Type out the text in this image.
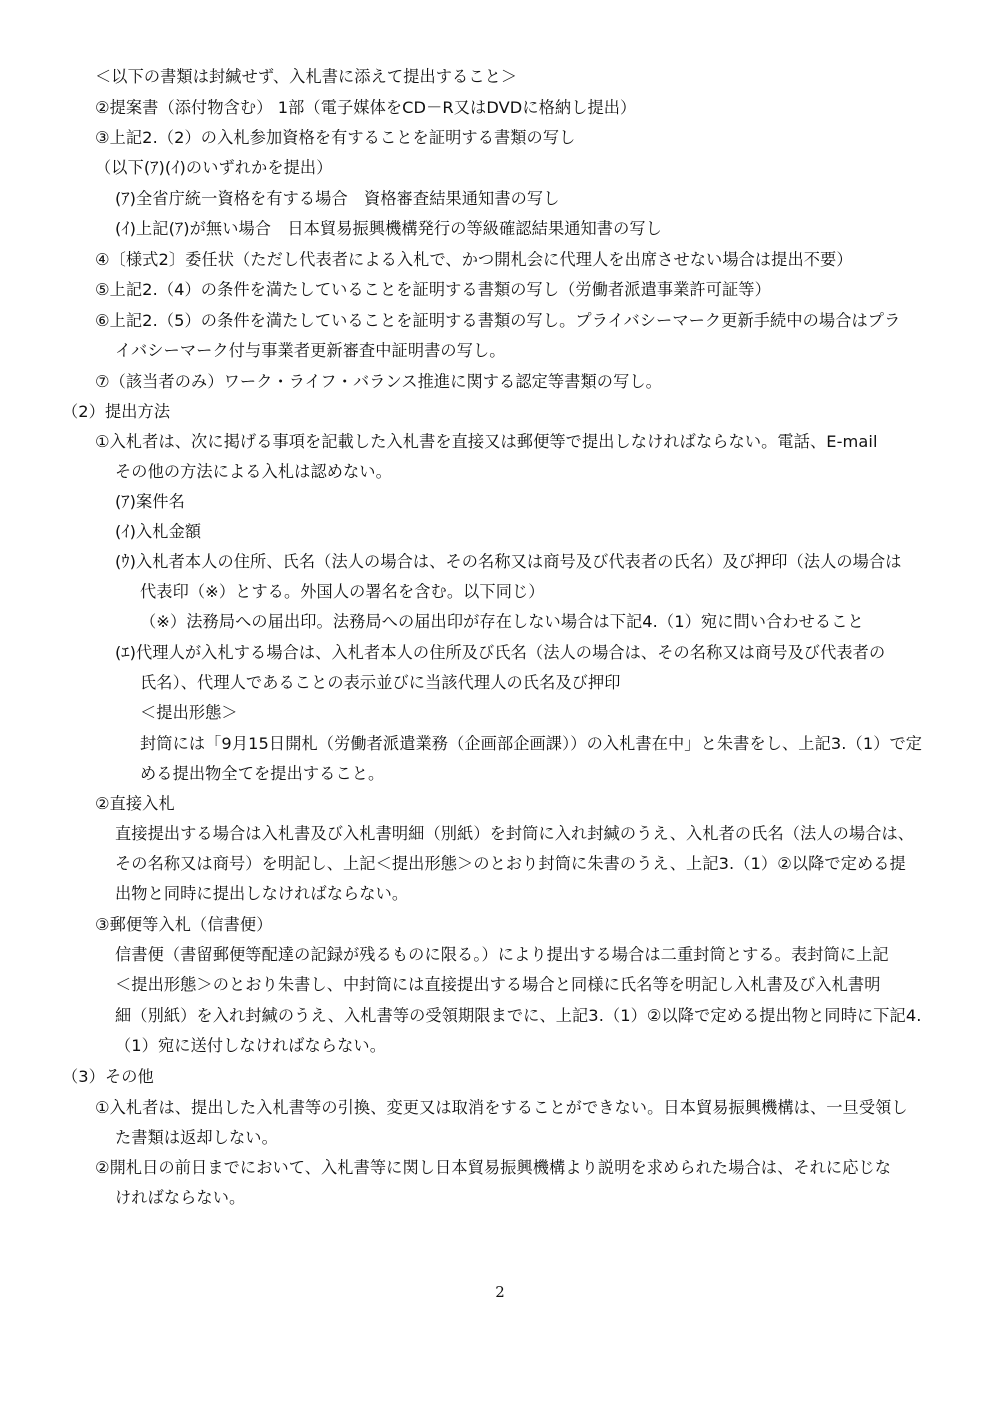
＜以下の書類は封緘せず、入札書に添えて提出すること＞
②提案書（添付物含む） 1部（電子媒体をCD－R又はDVDに格納し提出）
③上記2.（2）の入札参加資格を有することを証明する書類の写し
（以下(ｱ)(ｲ)のいずれかを提出）
(ｱ)全省庁統一資格を有する場合　資格審査結果通知書の写し
(ｲ)上記(ｱ)が無い場合　日本貿易振興機構発行の等級確認結果通知書の写し
④〔様式2〕委任状（ただし代表者による入札で、かつ開札会に代理人を出席させない場合は提出不要）
⑤上記2.（4）の条件を満たしていることを証明する書類の写し（労働者派遣事業許可証等）
⑥上記2.（5）の条件を満たしていることを証明する書類の写し。プライバシーマーク更新手続中の場合はプラ
イバシーマーク付与事業者更新審査中証明書の写し。
⑦（該当者のみ）ワーク・ライフ・バランス推進に関する認定等書類の写し。
（2）提出方法
①入札者は、次に掲げる事項を記載した入札書を直接又は郵便等で提出しなければならない。電話、E-mail
その他の方法による入札は認めない。
(ｱ)案件名
(ｲ)入札金額
(ｳ)入札者本人の住所、氏名（法人の場合は、その名称又は商号及び代表者の氏名）及び押印（法人の場合は
代表印（※）とする。外国人の署名を含む。以下同じ）
（※）法務局への届出印。法務局への届出印が存在しない場合は下記4.（1）宛に問い合わせること
(ｴ)代理人が入札する場合は、入札者本人の住所及び氏名（法人の場合は、その名称又は商号及び代表者の
氏名）、代理人であることの表示並びに当該代理人の氏名及び押印
＜提出形態＞
封筒には「9月15日開札（労働者派遣業務（企画部企画課））の入札書在中」と朱書をし、上記3.（1）で定
める提出物全てを提出すること。
②直接入札
直接提出する場合は入札書及び入札書明細（別紙）を封筒に入れ封緘のうえ、入札者の氏名（法人の場合は、
その名称又は商号）を明記し、上記＜提出形態＞のとおり封筒に朱書のうえ、上記3.（1）②以降で定める提
出物と同時に提出しなければならない。
③郵便等入札（信書便）
信書便（書留郵便等配達の記録が残るものに限る。）により提出する場合は二重封筒とする。表封筒に上記
＜提出形態＞のとおり朱書し、中封筒には直接提出する場合と同様に氏名等を明記し入札書及び入札書明
細（別紙）を入れ封緘のうえ、入札書等の受領期限までに、上記3.（1）②以降で定める提出物と同時に下記4.
（1）宛に送付しなければならない。
（3）その他
①入札者は、提出した入札書等の引換、変更又は取消をすることができない。日本貿易振興機構は、一旦受領し
た書類は返却しない。
②開札日の前日までにおいて、入札書等に関し日本貿易振興機構より説明を求められた場合は、それに応じな
ければならない。
2
